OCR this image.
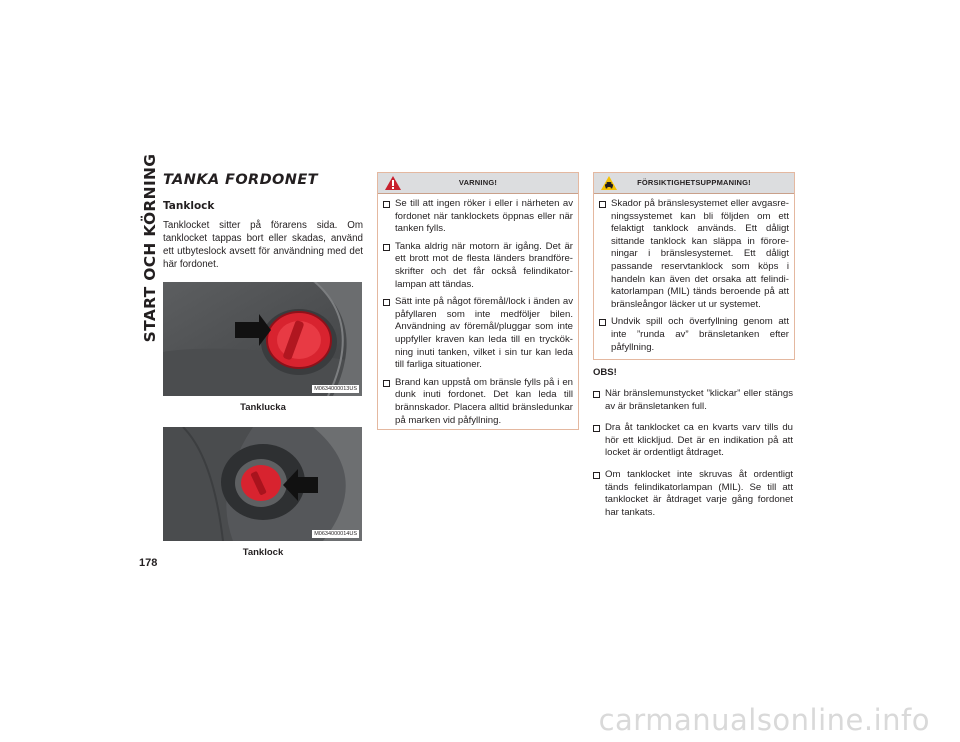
START OCH KÖRNING
178
TANKA FORDONET
Tanklock

Tanklocket sitter på förarens sida. Om tanklocket tappas bort eller skadas, använd ett utbyteslock avsett för användning med det här fordonet.

M0634000013US
Tanklucka
M0634000014US
Tanklock
VARNING!
Se till att ingen röker i eller i närheten av fordonet när tanklockets öppnas eller när tanken fylls.
Tanka aldrig när motorn är igång. Det är ett brott mot de flesta länders brandföreskrifter och det får också felindikatorlampan att tändas.
Sätt inte på något föremål/lock i änden av påfyllaren som inte medföljer bilen. Användning av föremål/pluggar som inte uppfyller kraven kan leda till en tryckökning inuti tanken, vilket i sin tur kan leda till farliga situationer.
Brand kan uppstå om bränsle fylls på i en dunk inuti fordonet. Det kan leda till brännskador. Placera alltid bränsledunkar på marken vid påfyllning.
FÖRSIKTIGHETSUPPMANING!
Skador på bränslesystemet eller avgasreningssystemet kan bli följden om ett felaktigt tanklock används. Ett dåligt sittande tanklock kan släppa in föroreningar i bränslesystemet. Ett dåligt passande reservtanklock som köps i handeln kan även det orsaka att felindikatorlampan (MIL) tänds beroende på att bränsleångor läcker ut ur systemet.
Undvik spill och överfyllning genom att inte ”runda av” bränsletanken efter påfyllning.
OBS!
När bränslemunstycket ”klickar” eller stängs av är bränsletanken full.
Dra åt tanklocket ca en kvarts varv tills du hör ett klickljud. Det är en indikation på att locket är ordentligt åtdraget.
Om tanklocket inte skruvas åt ordentligt tänds felindikatorlampan (MIL). Se till att tanklocket är åtdraget varje gång fordonet har tankats.
carmanualsonline.info
